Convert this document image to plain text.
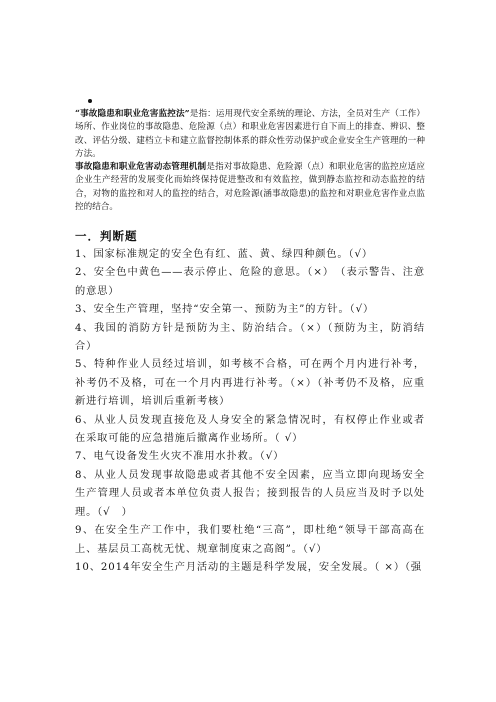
“事故隐患和职业危害监控法”是指：运用现代安全系统的理论、方法，全员对生产（工作）场所、作业岗位的事故隐患、危险源（点）和职业危害因素进行自下而上的排查、辨识、整改、评估分级、建档立卡和建立监督控制体系的群众性劳动保护或企业安全生产管理的一种方法。

事故隐患和职业危害动态管理机制是指对事故隐患、危险源（点）和职业危害的监控应适应企业生产经营的发展变化而始终保持促进整改和有效监控，做到静态监控和动态监控的结合，对物的监控和对人的监控的结合，对危险源(涵事故隐患)的监控和对职业危害作业点监控的结合。

一．判断题

1、国家标准规定的安全色有红、蓝、黄、绿四种颜色。（√）

2、安全色中黄色——表示停止、危险的意思。（×）　（表示警告、注意的意思）

3、安全生产管理，坚持“安全第一、预防为主”的方针。（√）

4、我国的消防方针是预防为主、防治结合。（×）（预防为主，防消结合）

5、特种作业人员经过培训，如考核不合格，可在两个月内进行补考，补考仍不及格，可在一个月内再进行补考。（×）（补考仍不及格，应重新进行培训，培训后重新考核）

6、从业人员发现直接危及人身安全的紧急情况时，有权停止作业或者在采取可能的应急措施后撤离作业场所。（ √）

7、电气设备发生火灾不准用水扑救。（√）

8、从业人员发现事故隐患或者其他不安全因素，应当立即向现场安全生产管理人员或者本单位负责人报告；接到报告的人员应当及时予以处理。（√　）

9、在安全生产工作中，我们要杜绝“三高”，即杜绝“领导干部高高在上、基层员工高枕无忧、规章制度束之高阁”。（√）

10、2014年安全生产月活动的主题是科学发展，安全发展。（ ×）（强
